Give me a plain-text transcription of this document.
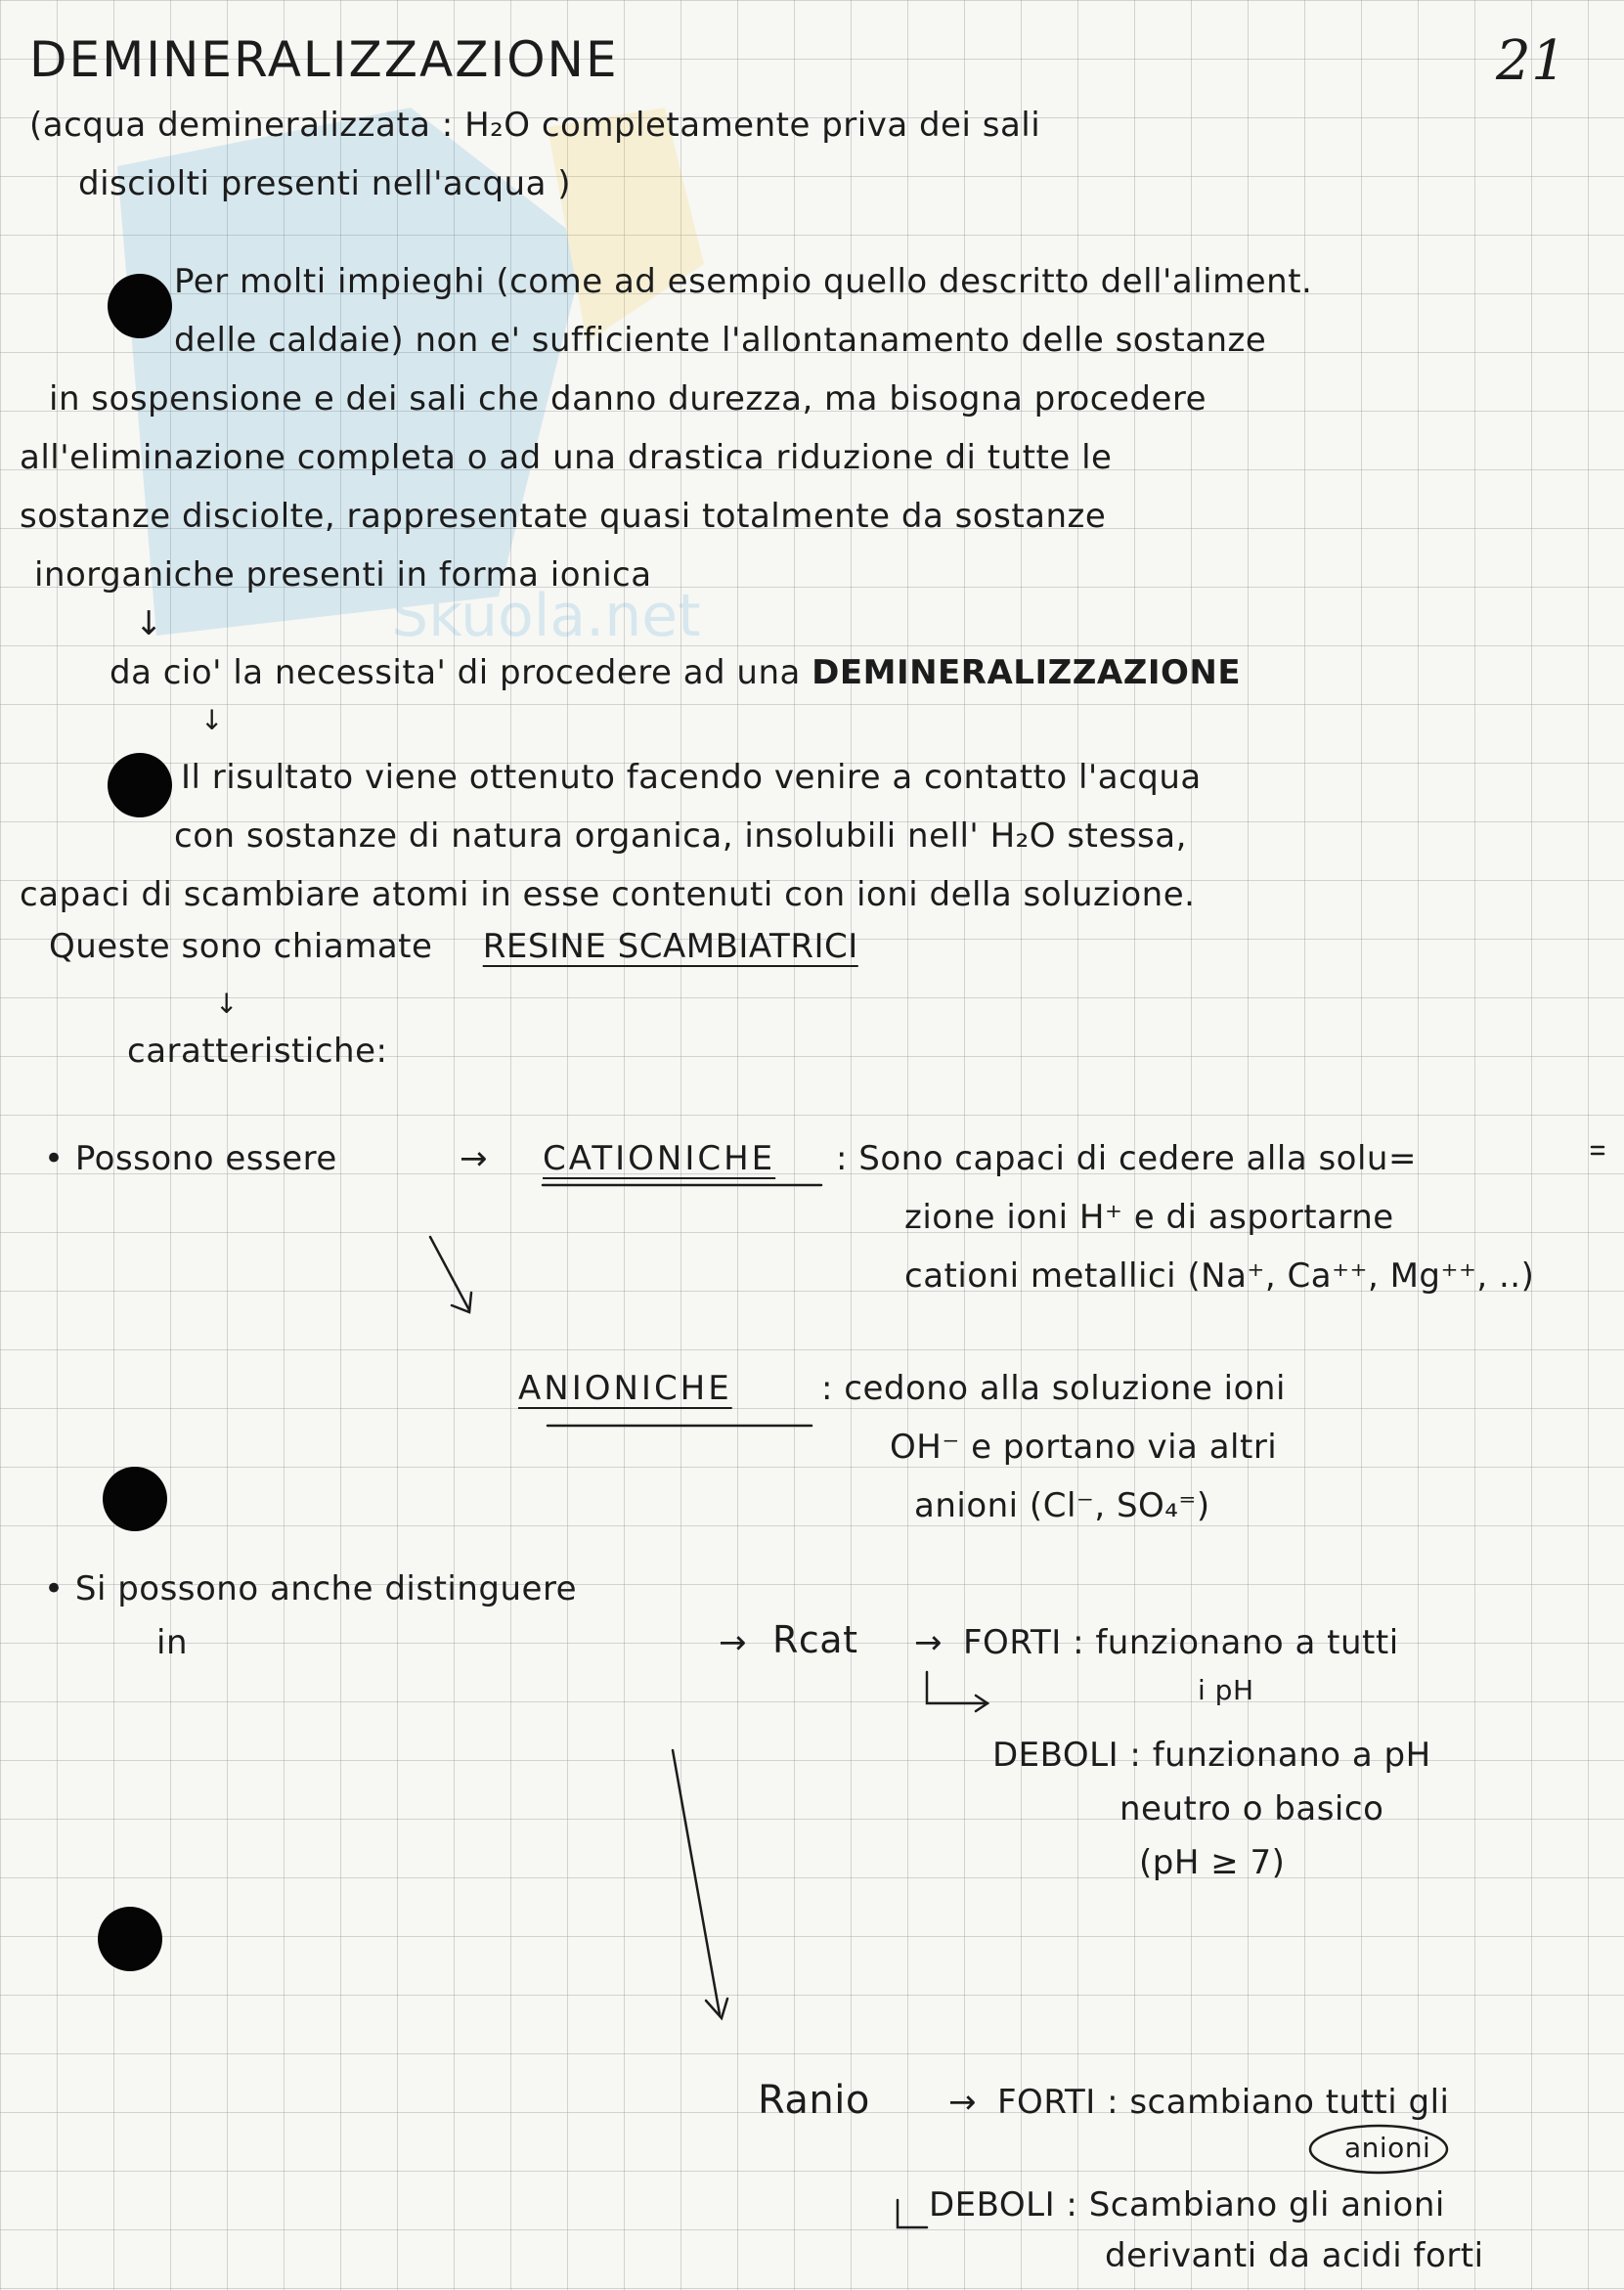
Skuola.net
DEMINERALIZZAZIONE	21
(acqua demineralizzata : H₂O completamente priva dei sali
disciolti presenti nell'acqua )
Per molti impieghi (come ad esempio quello descritto dell'aliment.
delle caldaie) non e' sufficiente l'allontanamento delle sostanze
in sospensione e dei sali che danno durezza, ma bisogna procedere
all'eliminazione completa o ad una drastica riduzione di tutte le
sostanze disciolte, rappresentate quasi totalmente da sostanze
inorganiche presenti in forma ionica
↓
da cio' la necessita' di procedere ad una DEMINERALIZZAZIONE
↓
Il risultato viene ottenuto facendo venire a contatto l'acqua
con sostanze di natura organica, insolubili nell' H₂O stessa,
capaci di scambiare atomi in esse contenuti con ioni della soluzione.
Queste sono chiamate RESINE SCAMBIATRICI
↓
caratteristiche:
• Possono essere	→ CATIONICHE : Sono capaci di cedere alla solu=
zione ioni H⁺ e di asportarne
cationi metallici (Na⁺, Ca⁺⁺, Mg⁺⁺, ..)
ANIONICHE	: cedono alla soluzione ioni
OH⁻ e portano via altri
anioni (Cl⁻, SO₄⁼)
• Si possono anche distinguere
in	→ Rcat → FORTI : funzionano a tutti
i pH
DEBOLI : funzionano a pH
neutro o basico
(pH ≥ 7)
Ranio → FORTI : scambiano tutti gli
anioni
DEBOLI : Scambiano gli anioni
derivanti da acidi forti
